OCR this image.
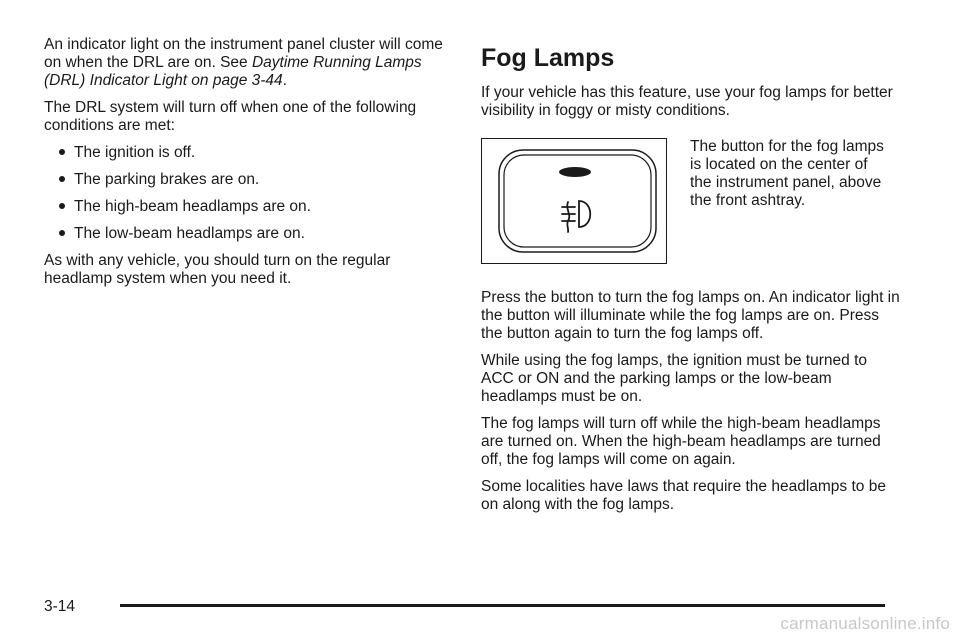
An indicator light on the instrument panel cluster will come on when the DRL are on. See Daytime Running Lamps (DRL) Indicator Light on page 3-44.

The DRL system will turn off when one of the following conditions are met:

The ignition is off.
The parking brakes are on.
The high-beam headlamps are on.
The low-beam headlamps are on.

As with any vehicle, you should turn on the regular headlamp system when you need it.

Fog Lamps

If your vehicle has this feature, use your fog lamps for better visibility in foggy or misty conditions.

The button for the fog lamps is located on the center of the instrument panel, above the front ashtray.

Press the button to turn the fog lamps on. An indicator light in the button will illuminate while the fog lamps are on. Press the button again to turn the fog lamps off.

While using the fog lamps, the ignition must be turned to ACC or ON and the parking lamps or the low-beam headlamps must be on.

The fog lamps will turn off while the high-beam headlamps are turned on. When the high-beam headlamps are turned off, the fog lamps will come on again.

Some localities have laws that require the headlamps to be on along with the fog lamps.

3-14
carmanualsonline.info
